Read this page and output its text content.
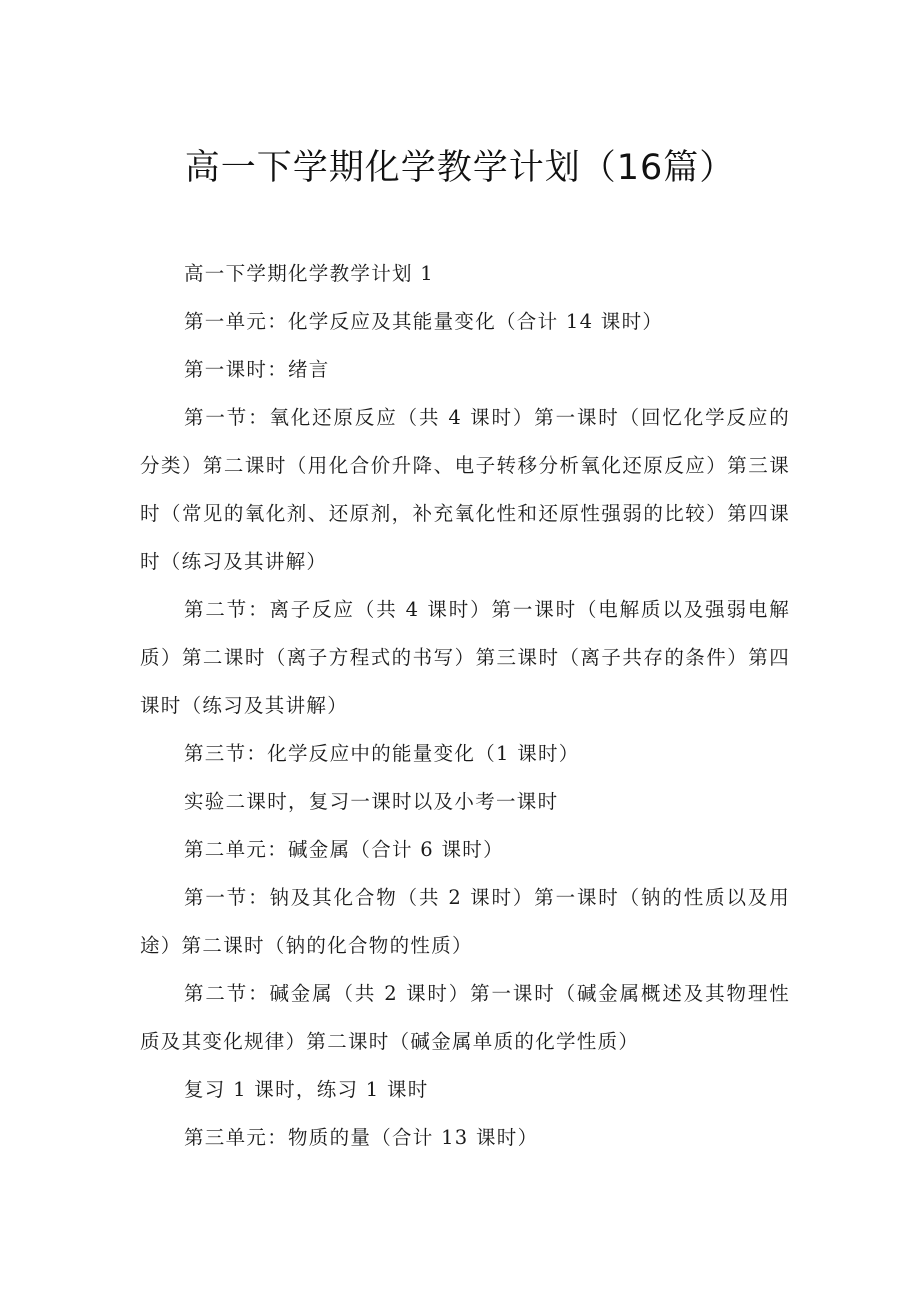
高一下学期化学教学计划（16篇）

高一下学期化学教学计划 1

第一单元：化学反应及其能量变化（合计 14 课时）

第一课时：绪言

第一节：氧化还原反应（共 4 课时）第一课时（回忆化学反应的分类）第二课时（用化合价升降、电子转移分析氧化还原反应）第三课时（常见的氧化剂、还原剂，补充氧化性和还原性强弱的比较）第四课时（练习及其讲解）

第二节：离子反应（共 4 课时）第一课时（电解质以及强弱电解质）第二课时（离子方程式的书写）第三课时（离子共存的条件）第四课时（练习及其讲解）

第三节：化学反应中的能量变化（1 课时）

实验二课时，复习一课时以及小考一课时

第二单元：碱金属（合计 6 课时）

第一节：钠及其化合物（共 2 课时）第一课时（钠的性质以及用途）第二课时（钠的化合物的性质）

第二节：碱金属（共 2 课时）第一课时（碱金属概述及其物理性质及其变化规律）第二课时（碱金属单质的化学性质）

复习 1 课时，练习 1 课时

第三单元：物质的量（合计 13 课时）
